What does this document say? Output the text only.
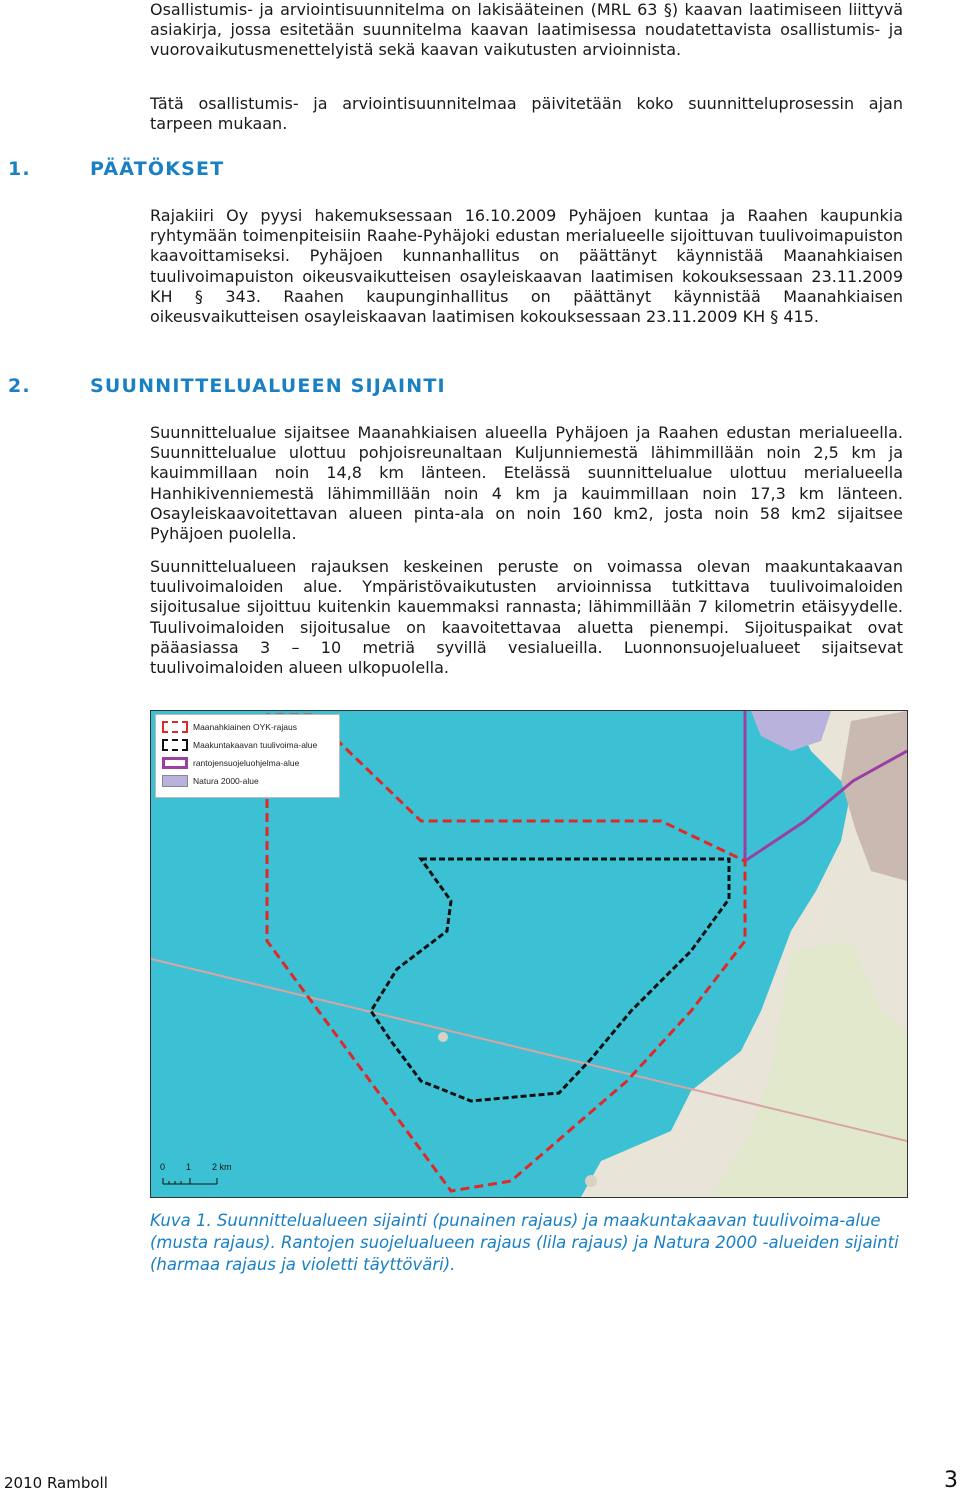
Osallistumis- ja arviointisuunnitelma on lakisääteinen (MRL 63 §) kaavan laatimiseen liittyvä asiakirja, jossa esitetään suunnitelma kaavan laatimisessa noudatettavista osallistumis- ja vuorovaikutusmenettelyistä sekä kaavan vaikutusten arvioinnista.

Tätä osallistumis- ja arviointisuunnitelmaa päivitetään koko suunnitteluprosessin ajan tarpeen mukaan.

1.	PÄÄTÖKSET

Rajakiiri Oy pyysi hakemuksessaan 16.10.2009 Pyhäjoen kuntaa ja Raahen kaupunkia ryhtymään toimenpiteisiin Raahe-Pyhäjoki edustan merialueelle sijoittuvan tuulivoimapuiston kaavoittamiseksi. Pyhäjoen kunnanhallitus on päättänyt käynnistää Maanahkiaisen tuulivoimapuiston oikeusvaikutteisen osayleiskaavan laatimisen kokouksessaan 23.11.2009 KH § 343. Raahen kaupunginhallitus on päättänyt käynnistää Maanahkiaisen oikeusvaikutteisen osayleiskaavan laatimisen kokouksessaan 23.11.2009 KH § 415.

2.	SUUNNITTELUALUEEN SIJAINTI

Suunnittelualue sijaitsee Maanahkiaisen alueella Pyhäjoen ja Raahen edustan merialueella. Suunnittelualue ulottuu pohjoisreunaltaan Kuljunniemestä lähimmillään noin 2,5 km ja kauimmillaan noin 14,8 km länteen. Etelässä suunnittelualue ulottuu merialueella Hanhikivenniemestä lähimmillään noin 4 km ja kauimmillaan noin 17,3 km länteen. Osayleiskaavoitettavan alueen pinta-ala on noin 160 km2, josta noin 58 km2 sijaitsee Pyhäjoen puolella.

Suunnittelualueen rajauksen keskeinen peruste on voimassa olevan maakuntakaavan tuulivoimaloiden alue. Ympäristövaikutusten arvioinnissa tutkittava tuulivoimaloiden sijoitusalue sijoittuu kuitenkin kauemmaksi rannasta; lähimmillään 7 kilometrin etäisyydelle. Tuulivoimaloiden sijoitusalue on kaavoitettavaa aluetta pienempi. Sijoituspaikat ovat pääasiassa 3 – 10 metriä syvillä vesialueilla. Luonnonsuojelualueet sijaitsevat tuulivoimaloiden alueen ulkopuolella.

Maanahkiainen OYK-rajaus
Maakuntakaavan tuulivoima-alue
rantojensuojeluohjelma-alue
Natura 2000-alue
0 1 2 km

Kuva 1. Suunnittelualueen sijainti (punainen rajaus) ja maakuntakaavan tuulivoima-alue (musta rajaus). Rantojen suojelualueen rajaus (lila rajaus) ja Natura 2000 -alueiden sijainti (harmaa rajaus ja violetti täyttöväri).

2010 Ramboll	3
